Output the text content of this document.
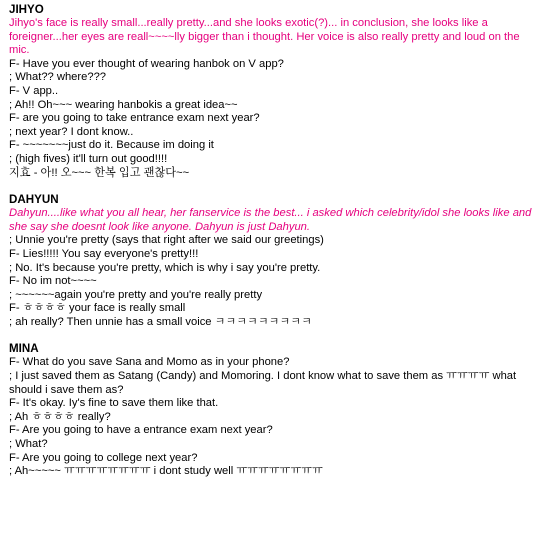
JIHYO

Jihyo's face is really small...really pretty...and she looks exotic(?)... in conclusion, she looks like a foreigner...her eyes are reall~~~~lly bigger than i thought. Her voice is also really pretty and loud on the mic.

F- Have you ever thought of wearing hanbok on V app?

; What?? where???

F- V app..

; Ah!! Oh~~~ wearing hanbokis a great idea~~

F- are you going to take entrance exam next year?

; next year? I dont know..

F- ~~~~~~~just do it. Because im doing it

; (high fives) it'll turn out good!!!!

지효 - 아!! 오~~~ 한복 입고 괜찮다~~

DAHYUN

Dahyun....like what you all hear, her fanservice is the best... i asked which celebrity/idol she looks like and she say she doesnt look like anyone. Dahyun is just Dahyun.

; Unnie you're pretty (says that right after we said our greetings)

F- Lies!!!!! You say everyone's pretty!!!

; No. It's because you're pretty, which is why i say you're pretty.

F- No im not~~~~

; ~~~~~~again you're pretty and you're really pretty

F- ㅎㅎㅎㅎ your face is really small

; ah really? Then unnie has a small voice ㅋㅋㅋㅋㅋㅋㅋㅋㅋ

MINA

F- What do you save Sana and Momo as in your phone?

; I just saved them as Satang (Candy) and Momoring. I dont know what to save them as ㅠㅠㅠㅠ what should i save them as?

F- It's okay. Iy's fine to save them like that.

; Ah ㅎㅎㅎㅎ really?

F- Are you going to have a entrance exam next year?

; What?

F- Are you going to college next year?

; Ah~~~~~ ㅠㅠㅠㅠㅠㅠㅠㅠ i dont study well ㅠㅠㅠㅠㅠㅠㅠㅠ
